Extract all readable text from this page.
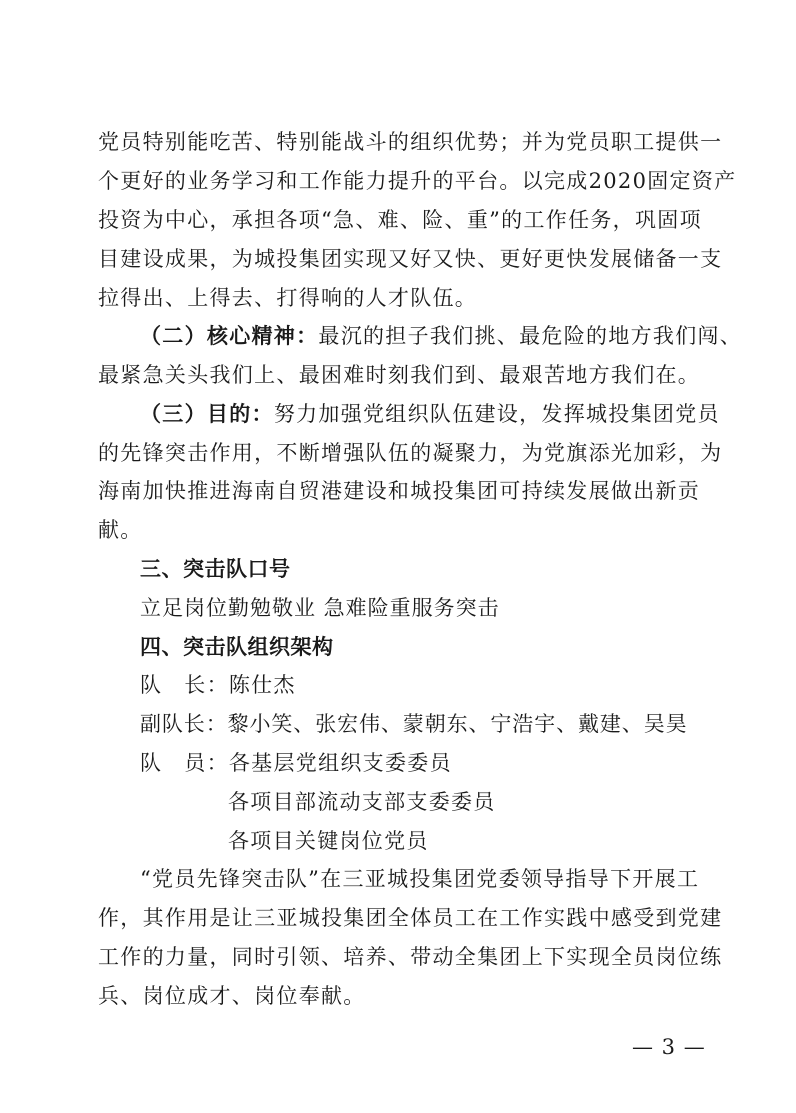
党员特别能吃苦、特别能战斗的组织优势；并为党员职工提供一
个更好的业务学习和工作能力提升的平台。以完成2020固定资产
投资为中心，承担各项“急、难、险、重”的工作任务，巩固项
目建设成果，为城投集团实现又好又快、更好更快发展储备一支
拉得出、上得去、打得响的人才队伍。
（二）核心精神：最沉的担子我们挑、最危险的地方我们闯、
最紧急关头我们上、最困难时刻我们到、最艰苦地方我们在。
（三）目的：努力加强党组织队伍建设，发挥城投集团党员
的先锋突击作用，不断增强队伍的凝聚力，为党旗添光加彩，为
海南加快推进海南自贸港建设和城投集团可持续发展做出新贡
献。
三、突击队口号
立足岗位勤勉敬业 急难险重服务突击
四、突击队组织架构
队 长：陈仕杰
副队长：黎小笑、张宏伟、蒙朝东、宁浩宇、戴建、吴昊
队 员：各基层党组织支委委员
各项目部流动支部支委委员
各项目关键岗位党员
“党员先锋突击队”在三亚城投集团党委领导指导下开展工
作，其作用是让三亚城投集团全体员工在工作实践中感受到党建
工作的力量，同时引领、培养、带动全集团上下实现全员岗位练
兵、岗位成才、岗位奉献。
— 3 —
